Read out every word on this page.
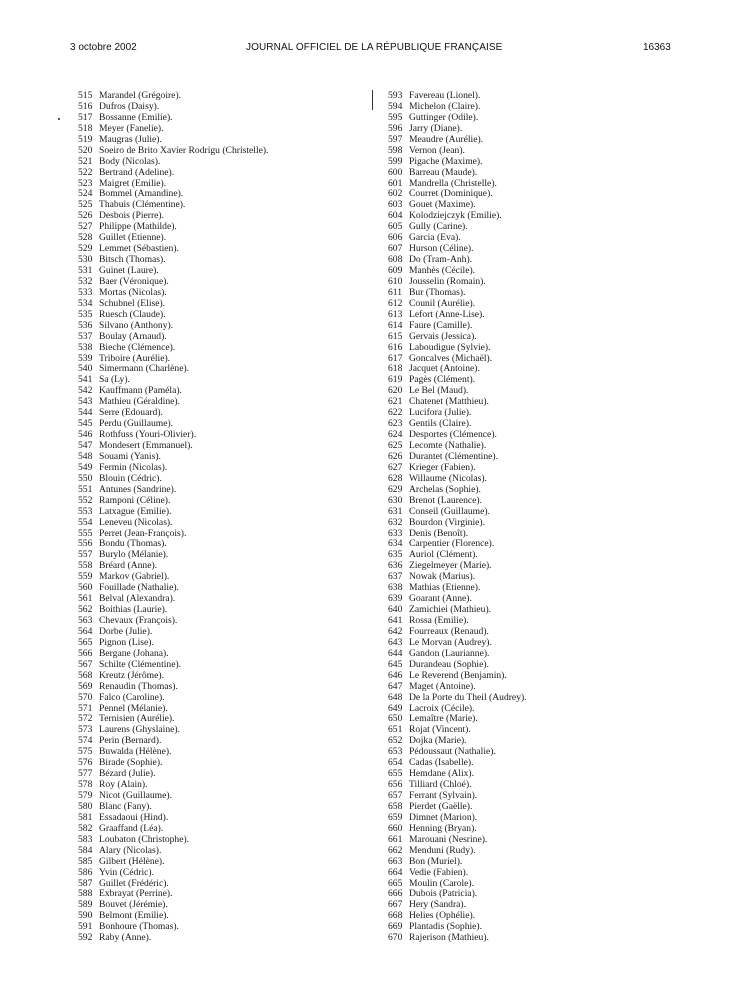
3 octobre 2002	JOURNAL OFFICIEL DE LA RÉPUBLIQUE FRANÇAISE	16363
515 Marandel (Grégoire).
516 Dufros (Daisy).
517 Bossanne (Emilie).
518 Meyer (Fanelie).
519 Maugras (Julie).
520 Soeiro de Brito Xavier Rodrigu (Christelle).
521 Body (Nicolas).
522 Bertrand (Adeline).
523 Maigret (Emilie).
524 Bommel (Amandine).
525 Thabuis (Clémentine).
526 Desbois (Pierre).
527 Philippe (Mathilde).
528 Guillet (Etienne).
529 Lemmet (Sébastien).
530 Bitsch (Thomas).
531 Guinet (Laure).
532 Baer (Véronique).
533 Mortas (Nicolas).
534 Schubnel (Elise).
535 Ruesch (Claude).
536 Silvano (Anthony).
537 Boulay (Arnaud).
538 Bieche (Clémence).
539 Triboire (Aurélie).
540 Simermann (Charlène).
541 Sa (Ly).
542 Kauffmann (Paméla).
543 Mathieu (Géraldine).
544 Serre (Edouard).
545 Perdu (Guillaume).
546 Rothfuss (Youri-Olivier).
547 Mondesert (Emmanuel).
548 Souami (Yanis).
549 Fermin (Nicolas).
550 Blouin (Cédric).
551 Antunes (Sandrine).
552 Ramponi (Céline).
553 Latxague (Emilie).
554 Leneveu (Nicolas).
555 Perret (Jean-François).
556 Bondu (Thomas).
557 Burylo (Mélanie).
558 Bréard (Anne).
559 Markov (Gabriel).
560 Fouillade (Nathalie).
561 Belval (Alexandra).
562 Boithias (Laurie).
563 Chevaux (François).
564 Dorbe (Julie).
565 Pignon (Lise).
566 Bergane (Johana).
567 Schilte (Clémentine).
568 Kreutz (Jérôme).
569 Renaudin (Thomas).
570 Falco (Caroline).
571 Pennel (Mélanie).
572 Ternisien (Aurélie).
573 Laurens (Ghyslaine).
574 Perin (Bernard).
575 Buwalda (Hélène).
576 Birade (Sophie).
577 Bézard (Julie).
578 Roy (Alain).
579 Nicot (Guillaume).
580 Blanc (Fany).
581 Essadaoui (Hind).
582 Graaffand (Léa).
583 Loubaton (Christophe).
584 Alary (Nicolas).
585 Gilbert (Hélène).
586 Yvin (Cédric).
587 Guillet (Frédéric).
588 Exbrayat (Perrine).
589 Bouvet (Jérémie).
590 Belmont (Emilie).
591 Bonhoure (Thomas).
592 Raby (Anne).
593 Favereau (Lionel).
594 Michelon (Claire).
595 Guttinger (Odile).
596 Jarry (Diane).
597 Meaudre (Aurélie).
598 Vernon (Jean).
599 Pigache (Maxime).
600 Barreau (Maude).
601 Mandrella (Christelle).
602 Courret (Dominique).
603 Gouet (Maxime).
604 Kolodziejczyk (Emilie).
605 Gully (Carine).
606 Garcia (Eva).
607 Hurson (Céline).
608 Do (Tram-Anh).
609 Manhès (Cécile).
610 Jousselin (Romain).
611 Bur (Thomas).
612 Counil (Aurélie).
613 Lefort (Anne-Lise).
614 Faure (Camille).
615 Gervais (Jessica).
616 Laboudigue (Sylvie).
617 Goncalves (Michaël).
618 Jacquet (Antoine).
619 Pagès (Clément).
620 Le Bel (Maud).
621 Chatenet (Matthieu).
622 Lucifora (Julie).
623 Gentils (Claire).
624 Desportes (Clémence).
625 Lecomte (Nathalie).
626 Durantet (Clémentine).
627 Krieger (Fabien).
628 Willaume (Nicolas).
629 Archelas (Sophie).
630 Brenot (Laurence).
631 Conseil (Guillaume).
632 Bourdon (Virginie).
633 Denis (Benoît).
634 Carpentier (Florence).
635 Auriol (Clément).
636 Ziegelmeyer (Marie).
637 Nowak (Marius).
638 Mathias (Etienne).
639 Goarant (Anne).
640 Zamichiei (Mathieu).
641 Rossa (Emilie).
642 Fourreaux (Renaud).
643 Le Morvan (Audrey).
644 Gandon (Laurianne).
645 Durandeau (Sophie).
646 Le Reverend (Benjamin).
647 Maget (Antoine).
648 De la Porte du Theil (Audrey).
649 Lacroix (Cécile).
650 Lemaître (Marie).
651 Rojat (Vincent).
652 Dojka (Marie).
653 Pédoussaut (Nathalie).
654 Cadas (Isabelle).
655 Hemdane (Alix).
656 Tilliard (Chloé).
657 Ferrant (Sylvain).
658 Pierdet (Gaëlle).
659 Dimnet (Marion).
660 Henning (Bryan).
661 Marouani (Nesrine).
662 Menduni (Rudy).
663 Bon (Muriel).
664 Vedie (Fabien).
665 Moulin (Carole).
666 Dubois (Patricia).
667 Hery (Sandra).
668 Helies (Ophélie).
669 Plantadis (Sophie).
670 Rajerison (Mathieu).
